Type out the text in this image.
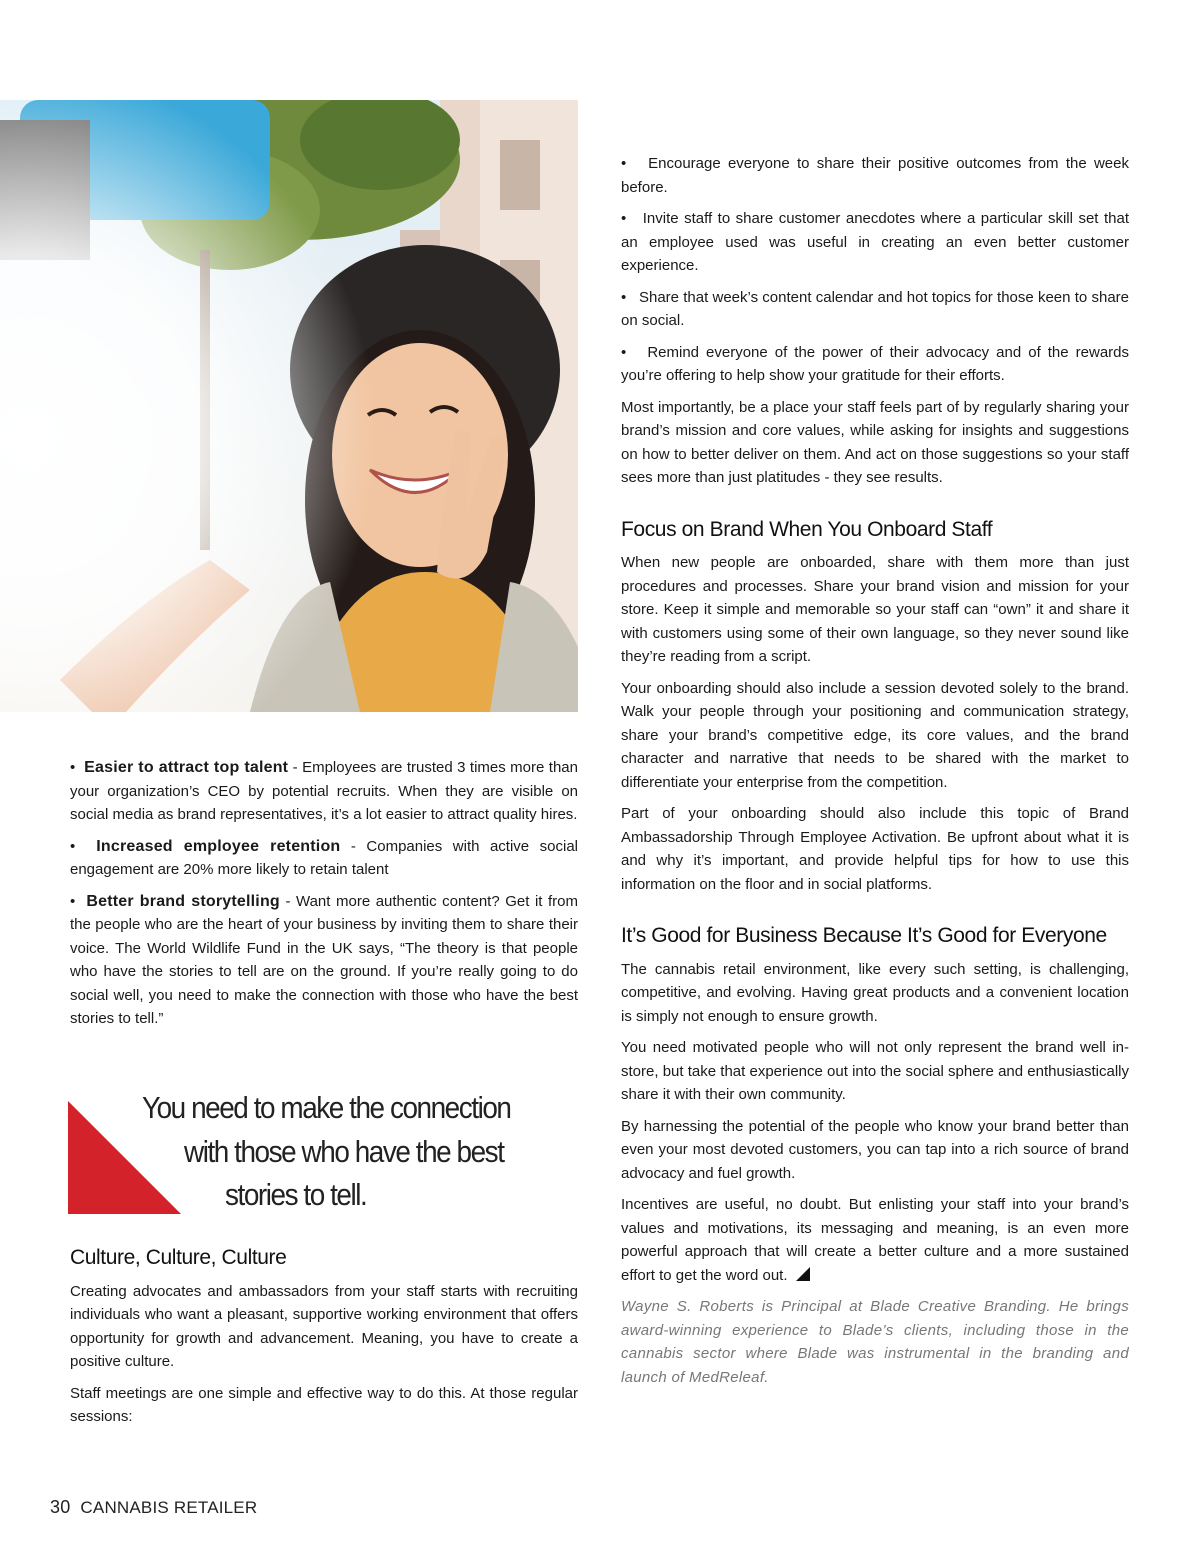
•  Easier to attract top talent - Employees are trusted 3 times more than your organization’s CEO by potential recruits. When they are visible on social media as brand representatives, it’s a lot easier to attract quality hires.

•  Increased employee retention - Companies with active social engagement are 20% more likely to retain talent

•  Better brand storytelling - Want more authentic content? Get it from the people who are the heart of your business by inviting them to share their voice. The World Wildlife Fund in the UK says, “The theory is that people who have the stories to tell are on the ground. If you’re really going to do social well, you need to make the connection with those who have the best stories to tell.”

You need to make the connection
with those who have the best
stories to tell.
Culture, Culture, Culture

Creating advocates and ambassadors from your staff starts with recruiting individuals who want a pleasant, supportive working environment that offers opportunity for growth and advancement. Meaning, you have to create a positive culture.

Staff meetings are one simple and effective way to do this. At those regular sessions:

•   Encourage everyone to share their positive outcomes from the week before.

•   Invite staff to share customer anecdotes where a particular skill set that an employee used was useful in creating an even better customer experience.

•   Share that week’s content calendar and hot topics for those keen to share on social.

•   Remind everyone of the power of their advocacy and of the rewards you’re offering to help show your gratitude for their efforts.

Most importantly, be a place your staff feels part of by regularly sharing your brand’s mission and core values, while asking for insights and suggestions on how to better deliver on them. And act on those suggestions so your staff sees more than just platitudes - they see results.

Focus on Brand When You Onboard Staff

When new people are onboarded, share with them more than just procedures and processes. Share your brand vision and mission for your store. Keep it simple and memorable so your staff can “own” it and share it with customers using some of their own language, so they never sound like they’re reading from a script.

Your onboarding should also include a session devoted solely to the brand. Walk your people through your positioning and communication strategy, share your brand’s competitive edge, its core values, and the brand character and narrative that needs to be shared with the market to differentiate your enterprise from the competition.

Part of your onboarding should also include this topic of Brand Ambassadorship Through Employee Activation. Be upfront about what it is and why it’s important, and provide helpful tips for how to use this information on the floor and in social platforms.

It’s Good for Business Because It’s Good for Everyone

The cannabis retail environment, like every such setting, is challenging, competitive, and evolving. Having great products and a convenient location is simply not enough to ensure growth.

You need motivated people who will not only represent the brand well in-store, but take that experience out into the social sphere and enthusiastically share it with their own community.

By harnessing the potential of the people who know your brand better than even your most devoted customers, you can tap into a rich source of brand advocacy and fuel growth.

Incentives are useful, no doubt. But enlisting your staff into your brand’s values and motivations, its messaging and meaning, is an even more powerful approach that will create a better culture and a more sustained effort to get the word out.

Wayne S. Roberts is Principal at Blade Creative Branding. He brings award-winning experience to Blade’s clients, including those in the cannabis sector where Blade was instrumental in the branding and launch of MedReleaf.

30 CANNABIS RETAILER
